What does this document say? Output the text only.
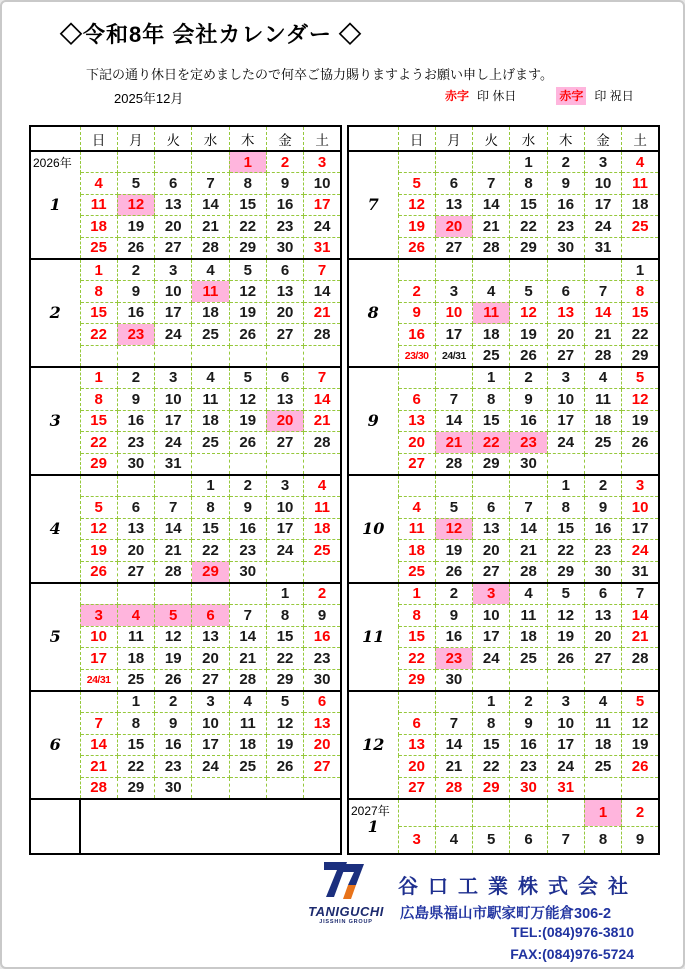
◇令和8年 会社カレンダー ◇
下記の通り休日を定めましたので何卒ご協力賜りますようお願い申し上げます。
2025年12月	赤字 印 休日	赤字 印 祝日
	日	月	火	水	木	金	土

2026年
1					1	2	3
	4	5	6	7	8	9	10
	11	12	13	14	15	16	17
	18	19	20	21	22	23	24
	25	26	27	28	29	30	31

2	1	2	3	4	5	6	7
	8	9	10	11	12	13	14
	15	16	17	18	19	20	21
	22	23	24	25	26	27	28

3	1	2	3	4	5	6	7
	8	9	10	11	12	13	14
	15	16	17	18	19	20	21
	22	23	24	25	26	27	28
	29	30	31				

4				1	2	3	4
	5	6	7	8	9	10	11
	12	13	14	15	16	17	18
	19	20	21	22	23	24	25
	26	27	28	29	30		

5						1	2
	3	4	5	6	7	8	9
	10	11	12	13	14	15	16
	17	18	19	20	21	22	23
	24/31	25	26	27	28	29	30

6		1	2	3	4	5	6
	7	8	9	10	11	12	13
	14	15	16	17	18	19	20
	21	22	23	24	25	26	27
	28	29	30				

	日	月	火	水	木	金	土

7				1	2	3	4
	5	6	7	8	9	10	11
	12	13	14	15	16	17	18
	19	20	21	22	23	24	25
	26	27	28	29	30	31	

8							1
	2	3	4	5	6	7	8
	9	10	11	12	13	14	15
	16	17	18	19	20	21	22
	23/30	24/31	25	26	27	28	29

9			1	2	3	4	5
	6	7	8	9	10	11	12
	13	14	15	16	17	18	19
	20	21	22	23	24	25	26
	27	28	29	30			

10					1	2	3
	4	5	6	7	8	9	10
	11	12	13	14	15	16	17
	18	19	20	21	22	23	24
	25	26	27	28	29	30	31

11	1	2	3	4	5	6	7
	8	9	10	11	12	13	14
	15	16	17	18	19	20	21
	22	23	24	25	26	27	28
	29	30					

12			1	2	3	4	5
	6	7	8	9	10	11	12
	13	14	15	16	17	18	19
	20	21	22	23	24	25	26
	27	28	29	30	31		

2027年
1						1	2
	3	4	5	6	7	8	9
TANIGUCHI
JISSHIN GROUP
谷口工業株式会社
広島県福山市駅家町万能倉306-2
TEL:(084)976-3810
FAX:(084)976-5724
